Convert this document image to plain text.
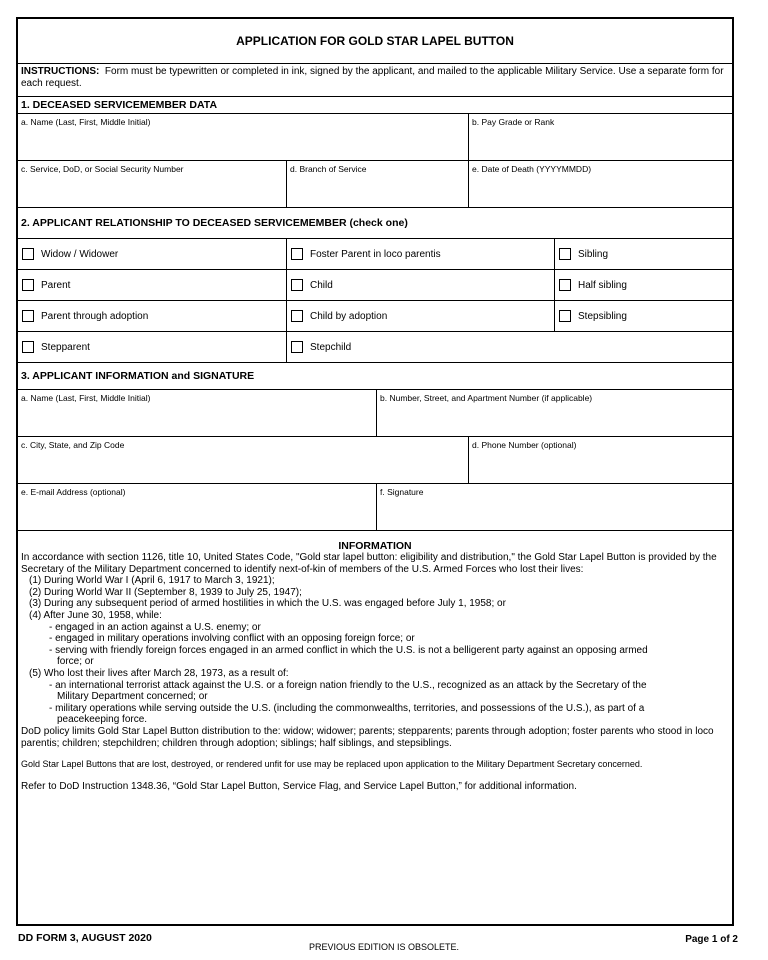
APPLICATION FOR GOLD STAR LAPEL BUTTON
INSTRUCTIONS: Form must be typewritten or completed in ink, signed by the applicant, and mailed to the applicable Military Service. Use a separate form for each request.
1. DECEASED SERVICEMEMBER DATA
a. Name (Last, First, Middle Initial)	b. Pay Grade or Rank
c. Service, DoD, or Social Security Number	d. Branch of Service	e. Date of Death (YYYYMMDD)
2. APPLICANT RELATIONSHIP TO DECEASED SERVICEMEMBER (check one)
Widow / Widower	Foster Parent in loco parentis	Sibling
Parent	Child	Half sibling
Parent through adoption	Child by adoption	Stepsibling
Stepparent	Stepchild
3. APPLICANT INFORMATION and SIGNATURE
a. Name (Last, First, Middle Initial)	b. Number, Street, and Apartment Number (if applicable)
c. City, State, and Zip Code	d. Phone Number (optional)
e. E-mail Address (optional)	f. Signature
INFORMATION

In accordance with section 1126, title 10, United States Code, "Gold star lapel button: eligibility and distribution," the Gold Star Lapel Button is provided by the Secretary of the Military Department concerned to identify next-of-kin of members of the U.S. Armed Forces who lost their lives:

(1) During World War I (April 6, 1917 to March 3, 1921);

(2) During World War II (September 8, 1939 to July 25, 1947);

(3) During any subsequent period of armed hostilities in which the U.S. was engaged before July 1, 1958; or

(4) After June 30, 1958, while:

- engaged in an action against a U.S. enemy; or

- engaged in military operations involving conflict with an opposing foreign force; or

- serving with friendly foreign forces engaged in an armed conflict in which the U.S. is not a belligerent party against an opposing armed

force; or

(5) Who lost their lives after March 28, 1973, as a result of:

- an international terrorist attack against the U.S. or a foreign nation friendly to the U.S., recognized as an attack by the Secretary of the

Military Department concerned; or

- military operations while serving outside the U.S. (including the commonwealths, territories, and possessions of the U.S.), as part of a

peacekeeping force.

DoD policy limits Gold Star Lapel Button distribution to the: widow; widower; parents; stepparents; parents through adoption; foster parents who stood in loco parentis; children; stepchildren; children through adoption; siblings; half siblings, and stepsiblings.

Gold Star Lapel Buttons that are lost, destroyed, or rendered unfit for use may be replaced upon application to the Military Department Secretary concerned.

Refer to DoD Instruction 1348.36, “Gold Star Lapel Button, Service Flag, and Service Lapel Button,” for additional information.

DD FORM 3, AUGUST 2020
PREVIOUS EDITION IS OBSOLETE.
Page 1 of 2
